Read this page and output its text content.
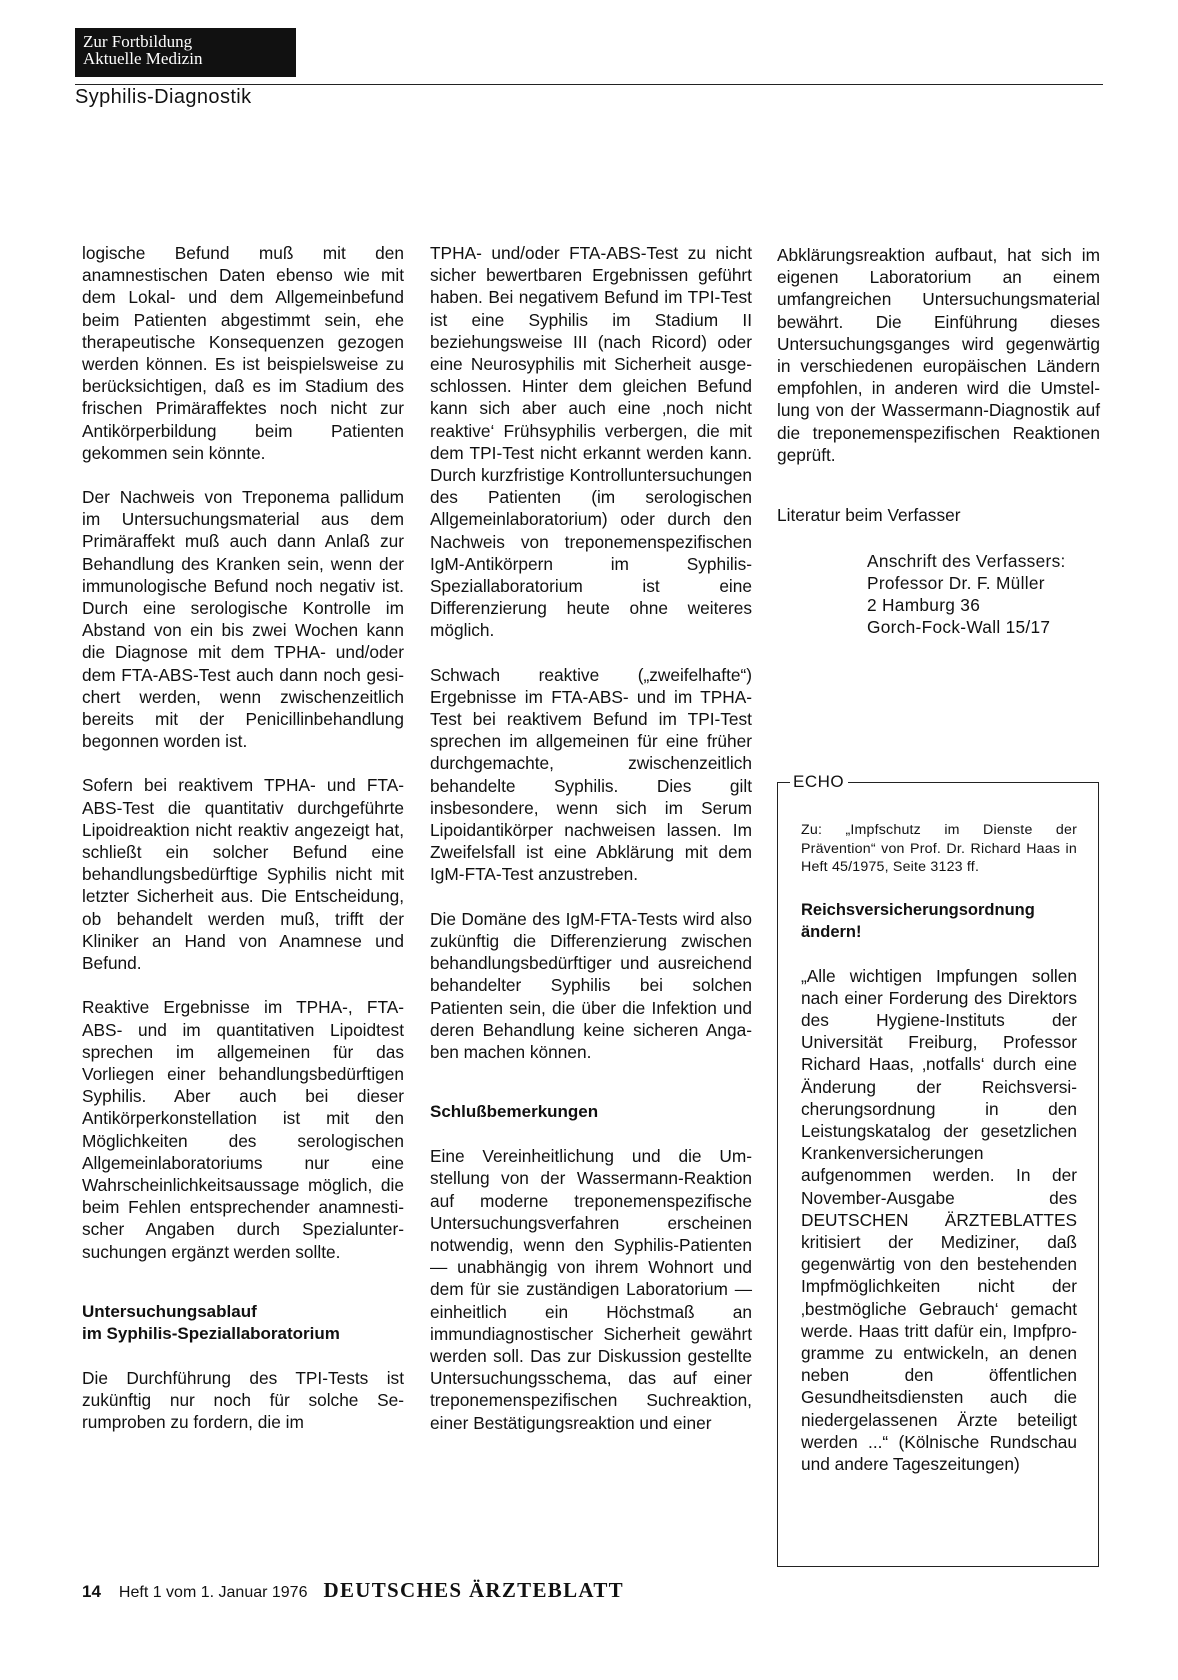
Zur Fortbildung
Aktuelle Medizin
Syphilis-Diagnostik

logische Befund muß mit den anamnestischen Daten ebenso wie mit dem Lokal- und dem Allgemeinbefund beim Patienten abgestimmt sein, ehe therapeutische Konsequenzen gezogen werden können. Es ist beispielsweise zu berücksichtigen, daß es im Stadium des frischen Primäraffektes noch nicht zur Antikörperbildung beim Patienten gekommen sein könnte.

Der Nachweis von Treponema pallidum im Untersuchungsmaterial aus dem Primäraffekt muß auch dann Anlaß zur Behandlung des Kranken sein, wenn der immunologische Befund noch negativ ist. Durch eine serologische Kontrolle im Abstand von ein bis zwei Wochen kann die Diagnose mit dem TPHA- und/oder dem FTA-ABS-Test auch dann noch gesichert werden, wenn zwischenzeitlich bereits mit der Penicillinbehandlung begonnen worden ist.

Sofern bei reaktivem TPHA- und FTA-ABS-Test die quantitativ durchgeführte Lipoidreaktion nicht reaktiv angezeigt hat, schließt ein solcher Befund eine behandlungsbedürftige Syphilis nicht mit letzter Sicherheit aus. Die Entscheidung, ob behandelt werden muß, trifft der Kliniker an Hand von Anamnese und Befund.

Reaktive Ergebnisse im TPHA-, FTA-ABS- und im quantitativen Lipoidtest sprechen im allgemeinen für das Vorliegen einer behandlungsbedürftigen Syphilis. Aber auch bei dieser Antikörperkonstellation ist mit den Möglichkeiten des serologischen Allgemeinlaboratoriums nur eine Wahrscheinlichkeitsaussage möglich, die beim Fehlen entsprechender anamnestischer Angaben durch Spezialuntersuchungen ergänzt werden sollte.

Untersuchungsablauf
im Syphilis-Speziallaboratorium

Die Durchführung des TPI-Tests ist zukünftig nur noch für solche Serumproben zu fordern, die im

TPHA- und/oder FTA-ABS-Test zu nicht sicher bewertbaren Ergebnissen geführt haben. Bei negativem Befund im TPI-Test ist eine Syphilis im Stadium II beziehungsweise III (nach Ricord) oder eine Neurosyphilis mit Sicherheit ausgeschlossen. Hinter dem gleichen Befund kann sich aber auch eine ‚noch nicht reaktive‘ Frühsyphilis verbergen, die mit dem TPI-Test nicht erkannt werden kann. Durch kurzfristige Kontrolluntersuchungen des Patienten (im serologischen Allgemeinlaboratorium) oder durch den Nachweis von treponemenspezifischen IgM-Antikörpern im Syphilis-Speziallaboratorium ist eine Differenzierung heute ohne weiteres möglich.

Schwach reaktive („zweifelhafte“) Ergebnisse im FTA-ABS- und im TPHA-Test bei reaktivem Befund im TPI-Test sprechen im allgemeinen für eine früher durchgemachte, zwischenzeitlich behandelte Syphilis. Dies gilt insbesondere, wenn sich im Serum Lipoidantikörper nachweisen lassen. Im Zweifelsfall ist eine Abklärung mit dem IgM-FTA-Test anzustreben.

Die Domäne des IgM-FTA-Tests wird also zukünftig die Differenzierung zwischen behandlungsbedürftiger und ausreichend behandelter Syphilis bei solchen Patienten sein, die über die Infektion und deren Behandlung keine sicheren Angaben machen können.

Schlußbemerkungen

Eine Vereinheitlichung und die Umstellung von der Wassermann-Reaktion auf moderne treponemenspezifische Untersuchungsverfahren erscheinen notwendig, wenn den Syphilis-Patienten — unabhängig von ihrem Wohnort und dem für sie zuständigen Laboratorium — einheitlich ein Höchstmaß an immundiagnostischer Sicherheit gewährt werden soll. Das zur Diskussion gestellte Untersuchungsschema, das auf einer treponemenspezifischen Suchreaktion, einer Bestätigungsreaktion und einer

Abklärungsreaktion aufbaut, hat sich im eigenen Laboratorium an einem umfangreichen Untersuchungsmaterial bewährt. Die Einführung dieses Untersuchungsganges wird gegenwärtig in verschiedenen europäischen Ländern empfohlen, in anderen wird die Umstellung von der Wassermann-Diagnostik auf die treponemenspezifischen Reaktionen geprüft.

Literatur beim Verfasser
Anschrift des Verfassers:
Professor Dr. F. Müller
2 Hamburg 36
Gorch-Fock-Wall 15/17
ECHO
Zu: „Impfschutz im Dienste der Prävention“ von Prof. Dr. Richard Haas in Heft 45/1975, Seite 3123 ff.
Reichsversicherungsordnung
ändern!
„Alle wichtigen Impfungen sollen nach einer Forderung des Direktors des Hygiene-Instituts der Universität Freiburg, Professor Richard Haas, ‚notfalls‘ durch eine Änderung der Reichsversicherungsordnung in den Leistungskatalog der gesetzlichen Krankenversicherungen aufgenommen werden. In der November-Ausgabe des DEUTSCHEN ÄRZTEBLATTES kritisiert der Mediziner, daß gegenwärtig von den bestehenden Impfmöglichkeiten nicht der ‚bestmögliche Gebrauch‘ gemacht werde. Haas tritt dafür ein, Impfprogramme zu entwickeln, an denen neben den öffentlichen Gesundheitsdiensten auch die niedergelassenen Ärzte beteiligt werden ...“ (Kölnische Rundschau und andere Tageszeitungen)
14 Heft 1 vom 1. Januar 1976 DEUTSCHES ÄRZTEBLATT
